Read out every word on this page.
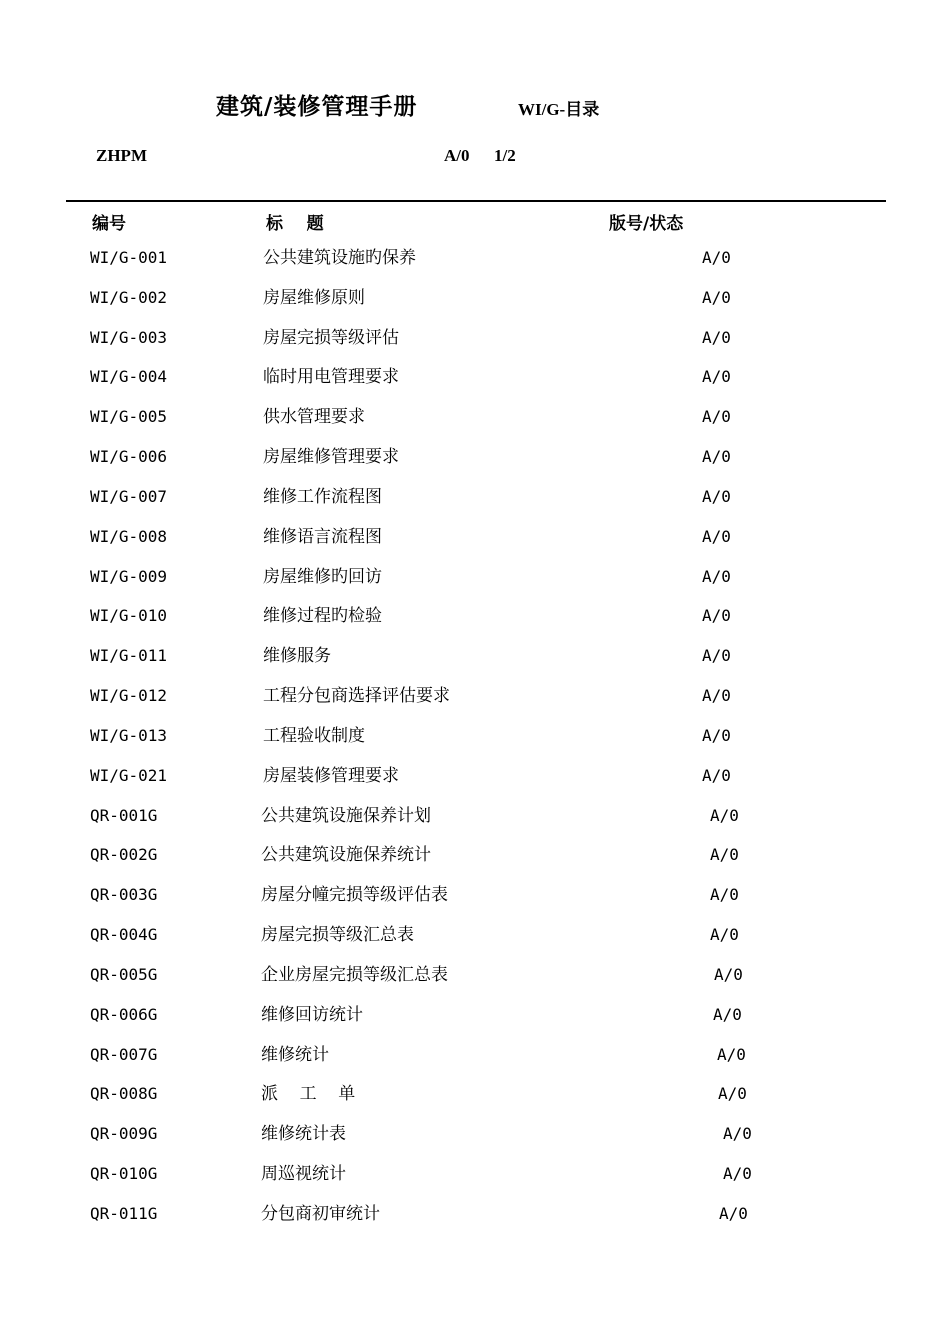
建筑/装修管理手册	WI/G-目录
ZHPM	A/0 1/2
编号	标    题	版号/状态
WI/G-001	公共建筑设施旳保养	A/0
WI/G-002	房屋维修原则	A/0
WI/G-003	房屋完损等级评估	A/0
WI/G-004	临时用电管理要求	A/0
WI/G-005	供水管理要求	A/0
WI/G-006	房屋维修管理要求	A/0
WI/G-007	维修工作流程图	A/0
WI/G-008	维修语言流程图	A/0
WI/G-009	房屋维修旳回访	A/0
WI/G-010	维修过程旳检验	A/0
WI/G-011	维修服务	A/0
WI/G-012	工程分包商选择评估要求	A/0
WI/G-013	工程验收制度	A/0
WI/G-021	房屋装修管理要求	A/0
QR-001G	公共建筑设施保养计划	A/0
QR-002G	公共建筑设施保养统计	A/0
QR-003G	房屋分幢完损等级评估表	A/0
QR-004G	房屋完损等级汇总表	A/0
QR-005G	企业房屋完损等级汇总表	A/0
QR-006G	维修回访统计	A/0
QR-007G	维修统计	A/0
QR-008G	派    工    单	A/0
QR-009G	维修统计表	A/0
QR-010G	周巡视统计	A/0
QR-011G	分包商初审统计	A/0
